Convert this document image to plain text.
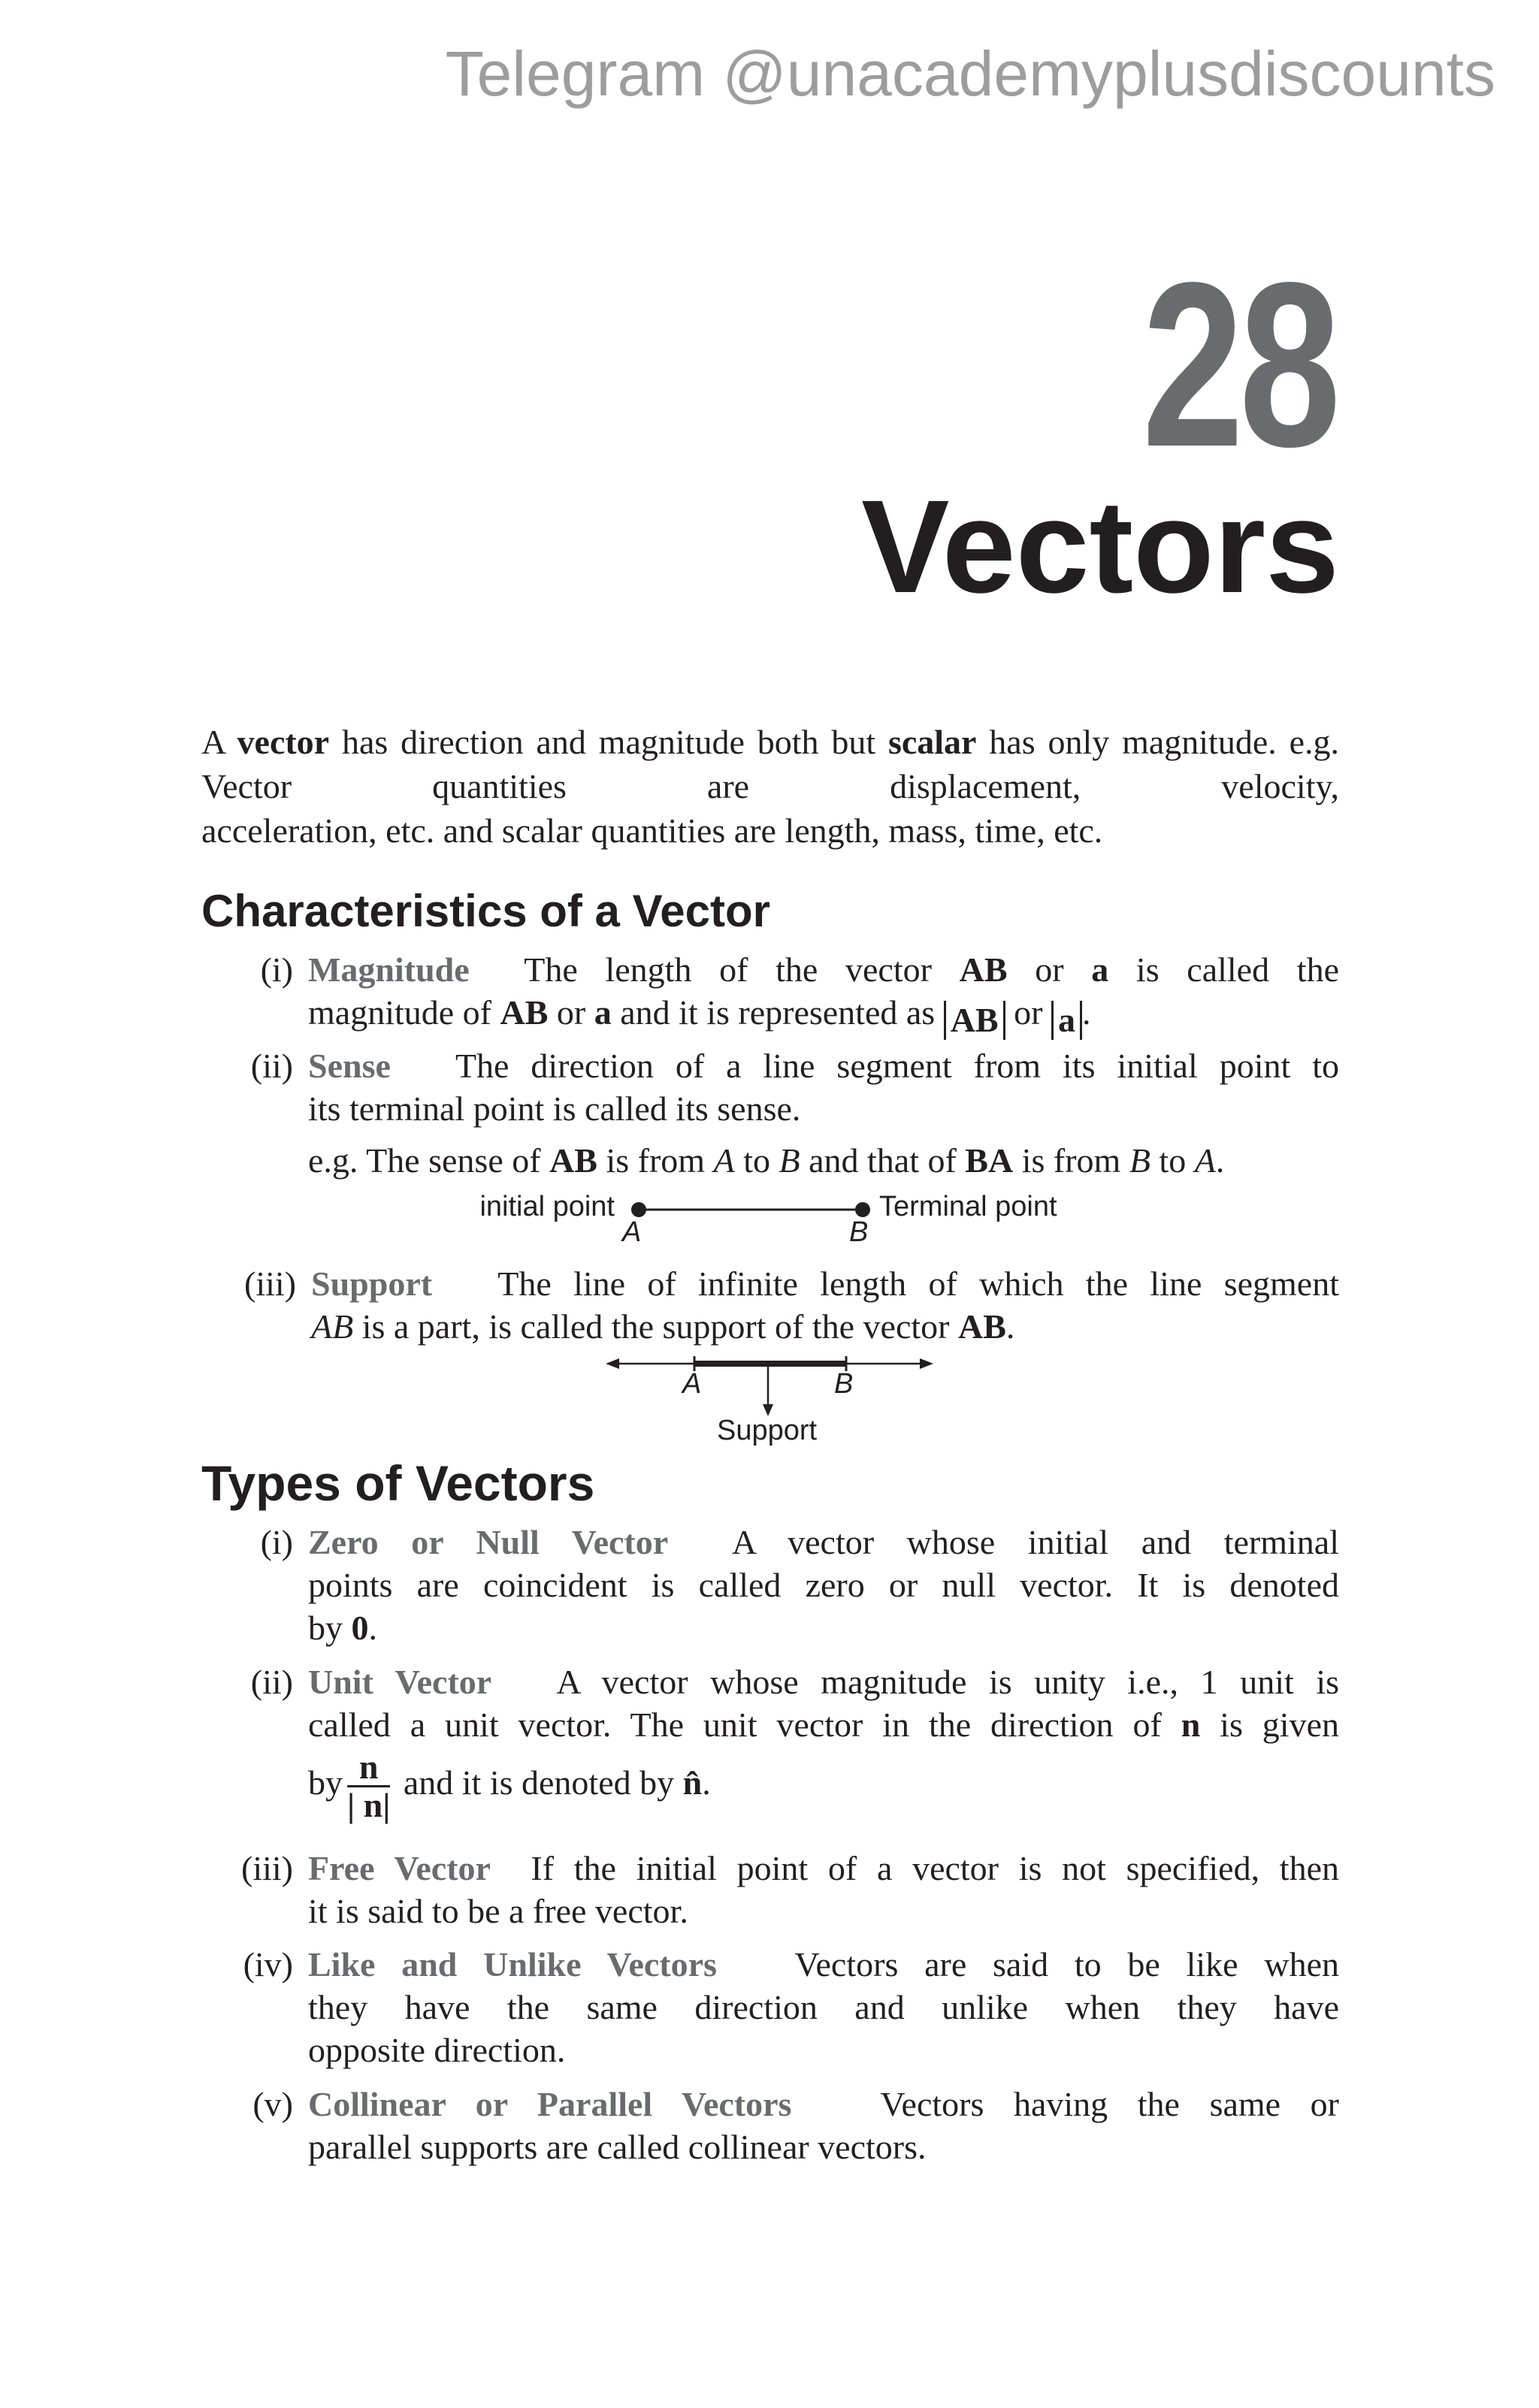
Telegram @unacademyplusdiscounts
28
Vectors
A vector has direction and magnitude both but scalar has only magnitude. e.g. Vector quantities are displacement, velocity,
acceleration, etc. and scalar quantities are length, mass, time, etc.
Characteristics of a Vector
(i) Magnitude The length of the vector AB or a is called the
magnitude of AB or a and it is represented as AB or a .
(ii) Sense The direction of a line segment from its initial point to
its terminal point is called its sense.
e.g. The sense of AB is from A to B and that of BA is from B to A.
initial point	Terminal point
A	B
(iii) Support The line of infinite length of which the line segment
AB is a part, is called the support of the vector AB.
A	B
Support
Types of Vectors
(i) Zero or Null Vector A vector whose initial and terminal
points are coincident is called zero or null vector. It is denoted
by 0.
(ii) Unit Vector A vector whose magnitude is unity i.e., 1 unit is
called a unit vector. The unit vector in the direction of n is given
by $\frac{n}{| n|}$ and it is denoted by n̂.
(iii) Free Vector If the initial point of a vector is not specified, then
it is said to be a free vector.
(iv) Like and Unlike Vectors Vectors are said to be like when
they have the same direction and unlike when they have
opposite direction.
(v) Collinear or Parallel Vectors	Vectors having the same or
parallel supports are called collinear vectors.
